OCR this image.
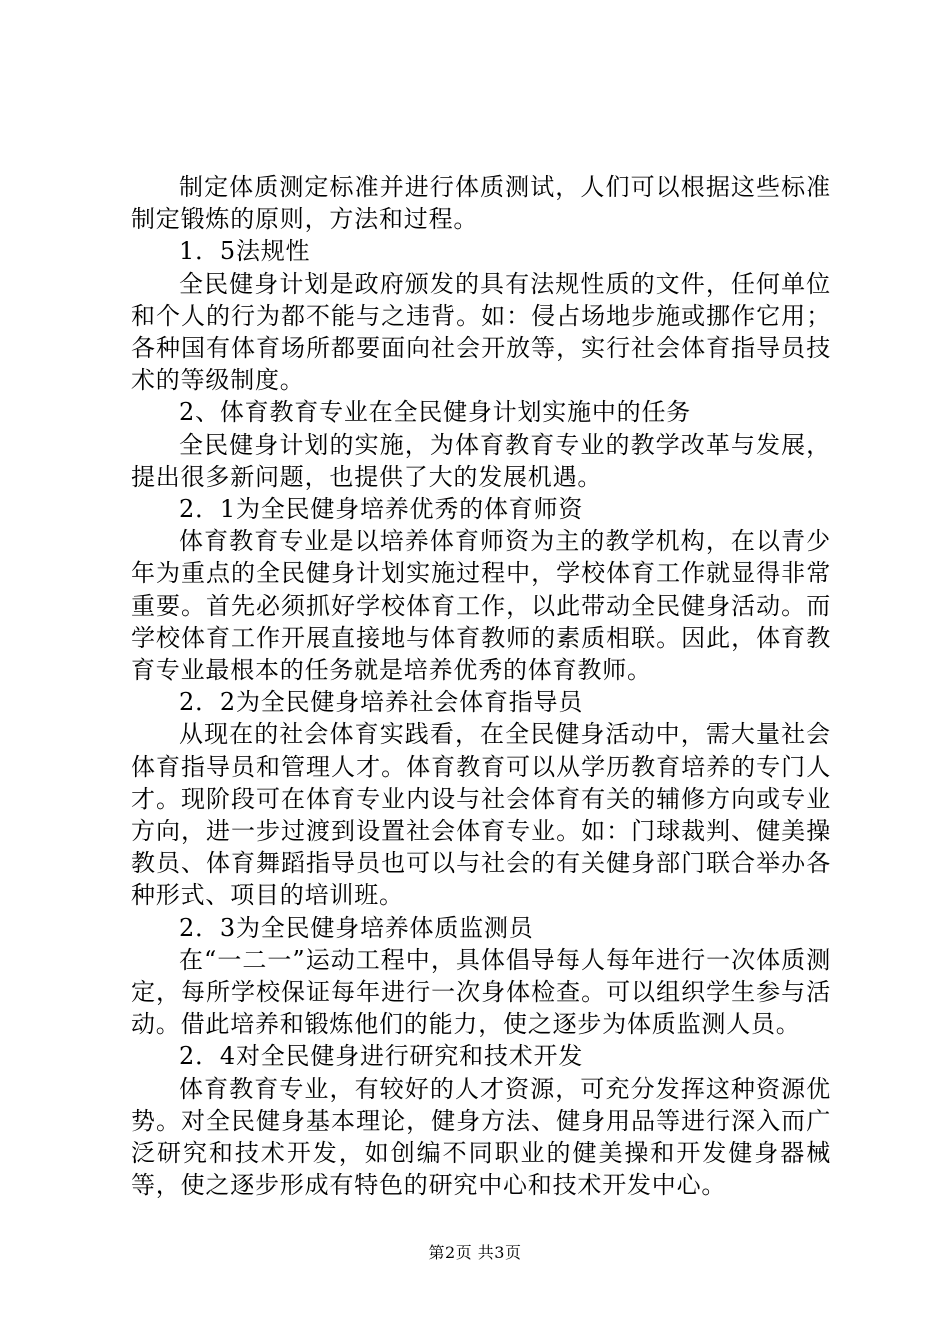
制定体质测定标准并进行体质测试，人们可以根据这些标准制定锻炼的原则，方法和过程。

1．5法规性

全民健身计划是政府颁发的具有法规性质的文件，任何单位和个人的行为都不能与之违背。如：侵占场地步施或挪作它用；各种国有体育场所都要面向社会开放等，实行社会体育指导员技术的等级制度。

2、体育教育专业在全民健身计划实施中的任务

全民健身计划的实施，为体育教育专业的教学改革与发展，提出很多新问题，也提供了大的发展机遇。

2．1为全民健身培养优秀的体育师资

体育教育专业是以培养体育师资为主的教学机构，在以青少年为重点的全民健身计划实施过程中，学校体育工作就显得非常重要。首先必须抓好学校体育工作，以此带动全民健身活动。而学校体育工作开展直接地与体育教师的素质相联。因此，体育教育专业最根本的任务就是培养优秀的体育教师。

2．2为全民健身培养社会体育指导员

从现在的社会体育实践看，在全民健身活动中，需大量社会体育指导员和管理人才。体育教育可以从学历教育培养的专门人才。现阶段可在体育专业内设与社会体育有关的辅修方向或专业方向，进一步过渡到设置社会体育专业。如：门球裁判、健美操教员、体育舞蹈指导员也可以与社会的有关健身部门联合举办各种形式、项目的培训班。

2．3为全民健身培养体质监测员

在“一二一”运动工程中，具体倡导每人每年进行一次体质测定，每所学校保证每年进行一次身体检查。可以组织学生参与活动。借此培养和锻炼他们的能力，使之逐步为体质监测人员。

2．4对全民健身进行研究和技术开发

体育教育专业，有较好的人才资源，可充分发挥这种资源优势。对全民健身基本理论，健身方法、健身用品等进行深入而广泛研究和技术开发，如创编不同职业的健美操和开发健身器械等，使之逐步形成有特色的研究中心和技术开发中心。

第2页 共3页
